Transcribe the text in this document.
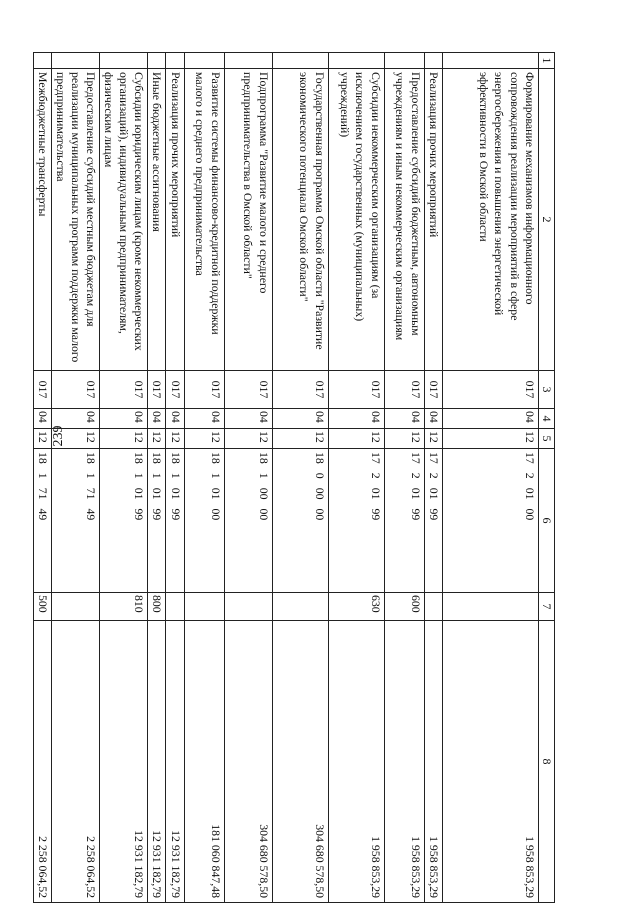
239
1	2	3	4	5	6	7	8
	Формирование механизмов информационного сопровождения реализации мероприятий в сфере энергосбережения и повышения энергетической эффективности в Омской области	017	04	12	1720100		1 958 853,29
	Реализация прочих мероприятий	017	04	12	1720199		1 958 853,29
	Предоставление субсидий бюджетным, автономным учреждениям и иным некоммерческим организациям	017	04	12	1720199	600	1 958 853,29
	Субсидии некоммерческим организациям (за исключением государственных (муниципальных) учреждений)	017	04	12	1720199	630	1 958 853,29
	Государственная программа Омской области "Развитие экономического потенциала Омской области"	017	04	12	1800000		304 680 578,50
	Подпрограмма "Развитие малого и среднего предпринимательства в Омской области"	017	04	12	1810000		304 680 578,50
	Развитие системы финансово-кредитной поддержки малого и среднего предпринимательства	017	04	12	1810100		181 060 847,48
	Реализация прочих мероприятий	017	04	12	1810199		12 931 182,79
	Иные бюджетные ассигнования	017	04	12	1810199	800	12 931 182,79
	Субсидии юридическим лицам (кроме некоммерческих организаций), индивидуальным предпринимателям, физическим лицам	017	04	12	1810199	810	12 931 182,79
	Предоставление субсидий местным бюджетам для реализации муниципальных программ поддержки малого предпринимательства	017	04	12	1817149		2 258 064,52
	Межбюджетные трансферты	017	04	12	1817149	500	2 258 064,52
